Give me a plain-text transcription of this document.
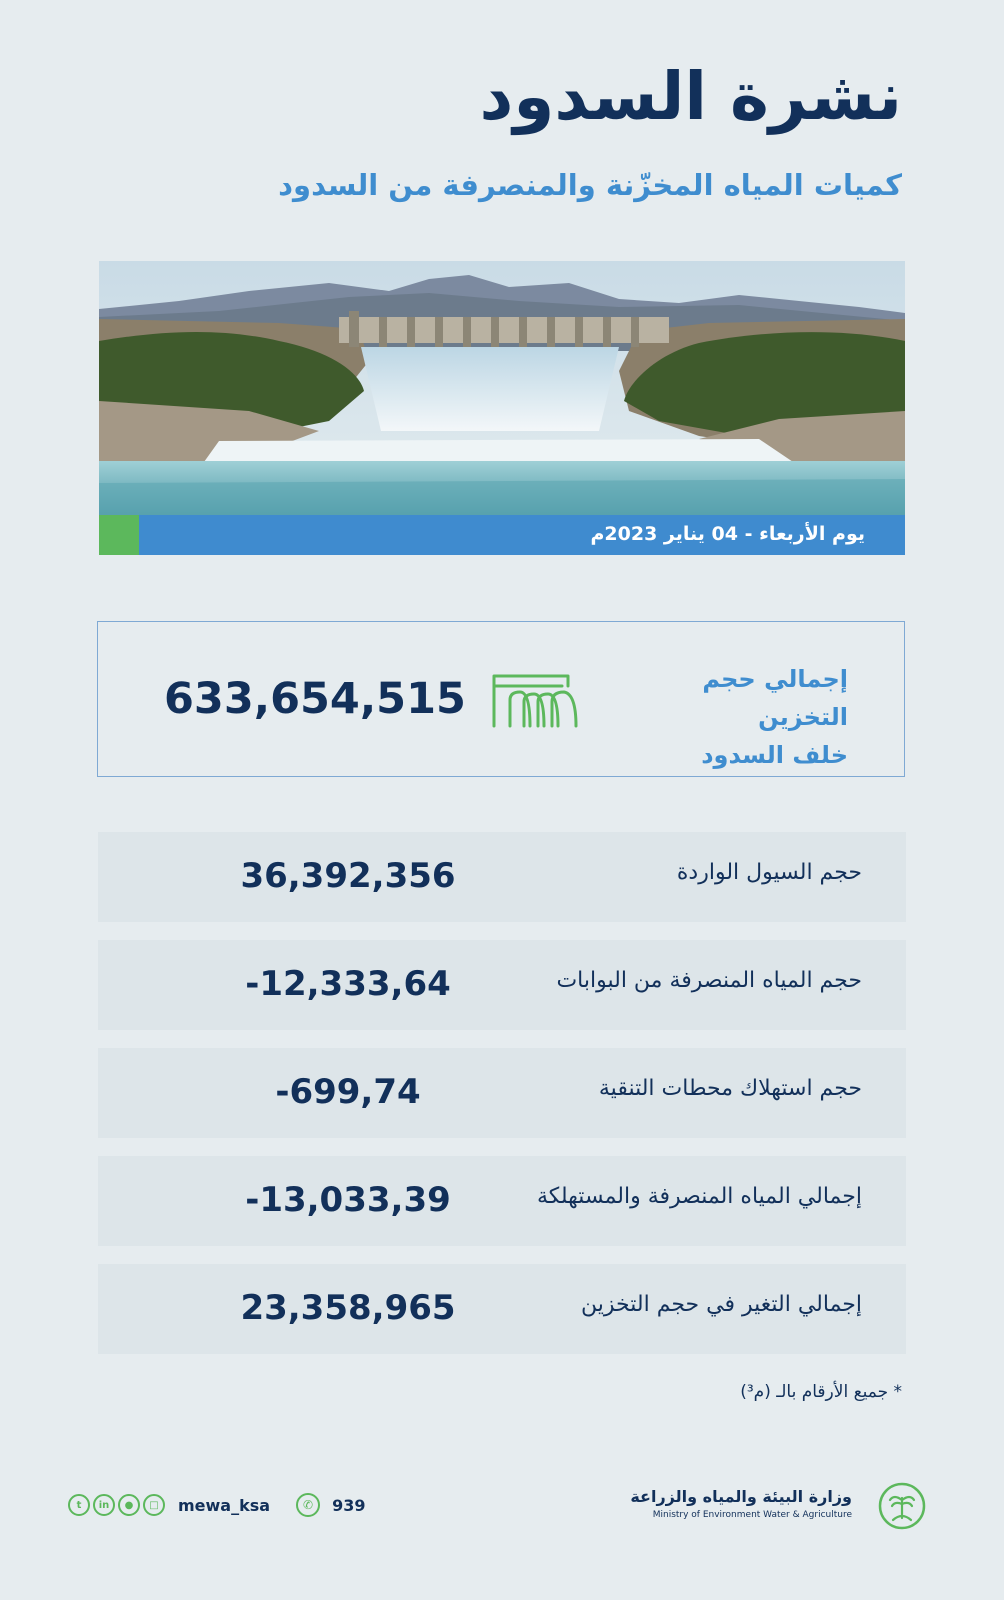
نشرة السدود
كميات المياه المخزّنة والمنصرفة من السدود
يوم الأربعاء - 04 يناير 2023م
إجمالي حجم التخزين
خلف السدود
633,654,515
حجم السيول الواردة
36,392,356
حجم المياه المنصرفة من البوابات
-12,333,64
حجم استهلاك محطات التنقية
-699,74
إجمالي المياه المنصرفة والمستهلكة
-13,033,39
إجمالي التغير في حجم التخزين
23,358,965
* جميع الأرقام بالـ (م³)
t	in	●	□	mewa_ksa	✆	939	وزارة البيئة والمياه والزراعة
Ministry of Environment Water & Agriculture
